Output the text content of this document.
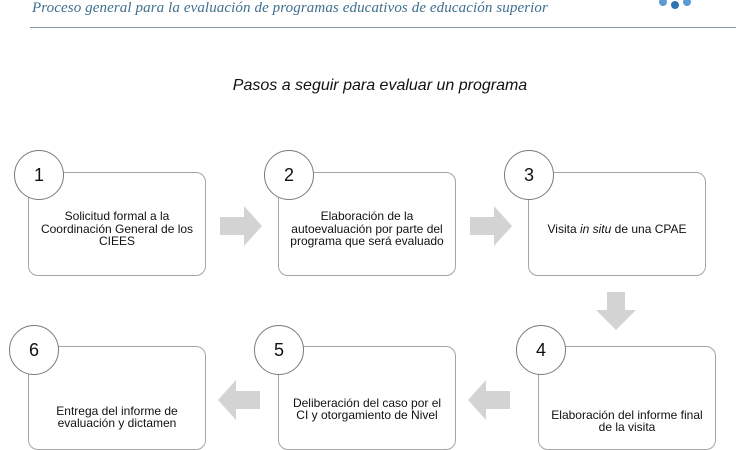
Proceso general para la evaluación de programas educativos de educación superior
Pasos a seguir para evaluar un programa
Solicitud formal a la Coordinación General de los CIEES
1
Elaboración de la autoevaluación por parte del programa que será evaluado
2
Visita in situ de una CPAE
3
Elaboración del informe final de la visita
4
Deliberación del caso por el CI y otorgamiento de Nivel
5
Entrega del informe de evaluación y dictamen
6
